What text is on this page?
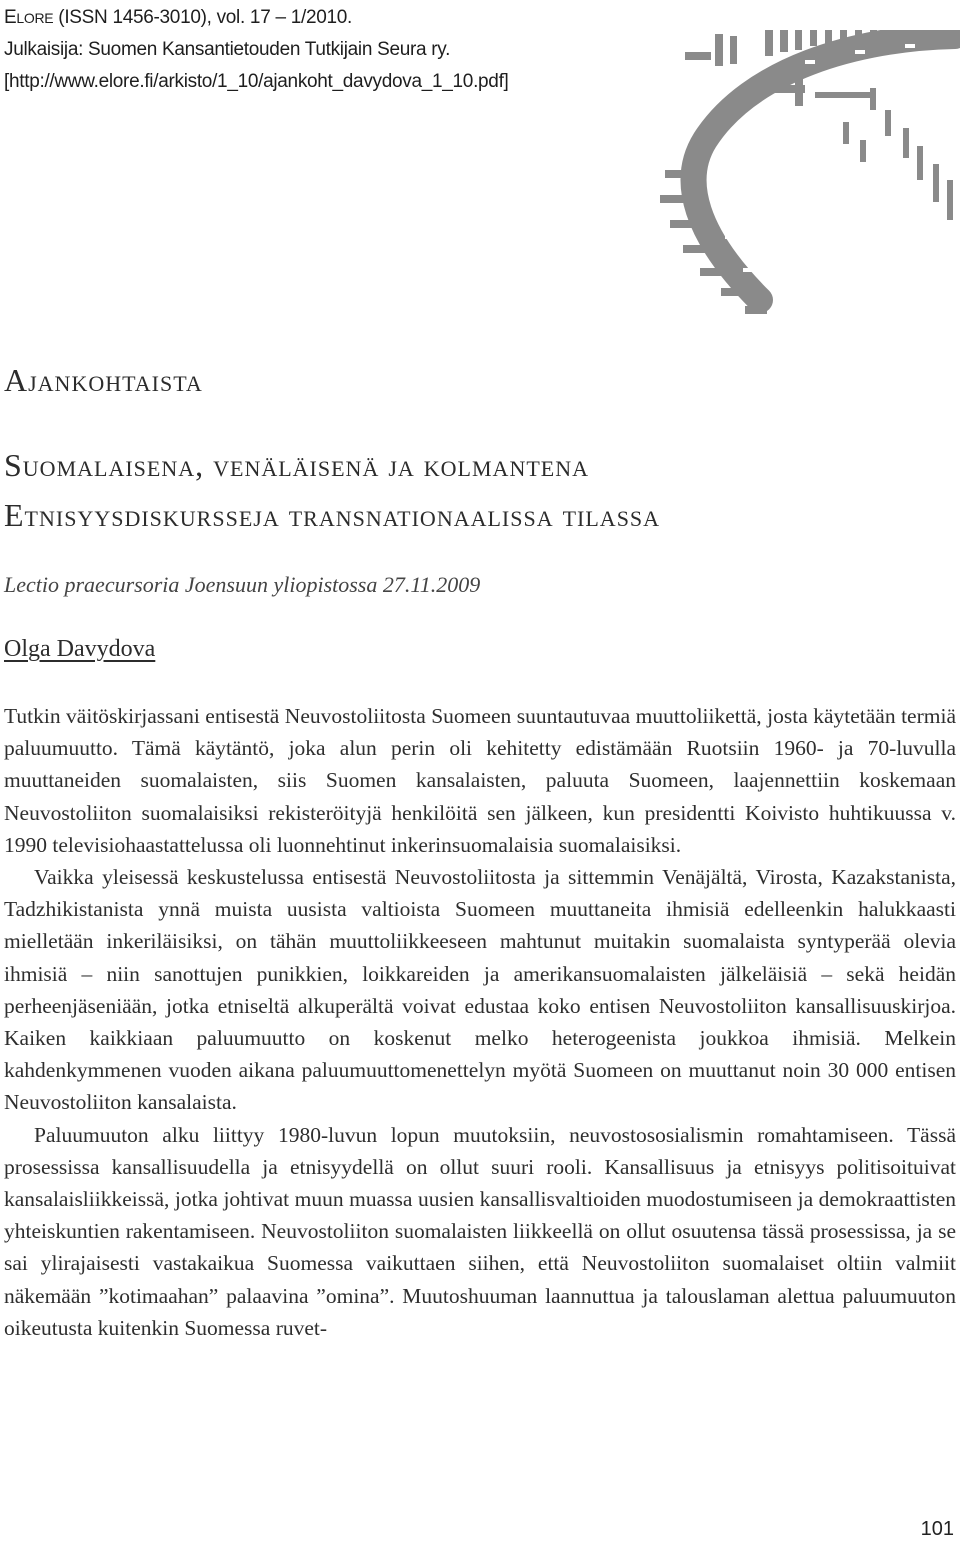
ELORE (ISSN 1456-3010), vol. 17 – 1/2010.
Julkaisija: Suomen Kansantietouden Tutkijain Seura ry.
[http://www.elore.fi/arkisto/1_10/ajankoht_davydova_1_10.pdf]
Ajankohtaista
Suomalaisena, venäläisenä ja kolmantena
Etnisyysdiskursseja transnationaalissa tilassa
Lectio praecursoria Joensuun yliopistossa 27.11.2009
Olga Davydova

Tutkin väitöskirjassani entisestä Neuvostoliitosta Suomeen suuntautuvaa muuttoliikettä, josta käytetään termiä paluumuutto. Tämä käytäntö, joka alun perin oli kehitetty edistämään Ruotsiin 1960- ja 70-luvulla muuttaneiden suomalaisten, siis Suomen kansalaisten, paluuta Suomeen, laajennettiin koskemaan Neuvostoliiton suomalaisiksi rekisteröityjä henkilöitä sen jälkeen, kun presidentti Koivisto huhtikuussa v. 1990 televisiohaastattelussa oli luonnehtinut inkerinsuomalaisia suomalaisiksi.

Vaikka yleisessä keskustelussa entisestä Neuvostoliitosta ja sittemmin Venäjältä, Virosta, Kazakstanista, Tadzhikistanista ynnä muista uusista valtioista Suomeen muuttaneita ihmisiä edelleenkin halukkaasti mielletään inkeriläisiksi, on tähän muuttoliikkeeseen mahtunut muitakin suomalaista syntyperää olevia ihmisiä – niin sanottujen punikkien, loikkareiden ja amerikansuomalaisten jälkeläisiä – sekä heidän perheenjäseniään, jotka etniseltä alkuperältä voivat edustaa koko entisen Neuvostoliiton kansallisuuskirjoa. Kaiken kaikkiaan paluumuutto on koskenut melko heterogeenista joukkoa ihmisiä. Melkein kahdenkymmenen vuoden aikana paluumuuttomenettelyn myötä Suomeen on muuttanut noin 30 000 entisen Neuvostoliiton kansalaista.

Paluumuuton alku liittyy 1980-luvun lopun muutoksiin, neuvostososialismin romahtamiseen. Tässä prosessissa kansallisuudella ja etnisyydellä on ollut suuri rooli. Kansallisuus ja etnisyys politisoituivat kansalaisliikkeissä, jotka johtivat muun muassa uusien kansallisvaltioiden muodostumiseen ja demokraattisten yhteiskuntien rakentamiseen. Neuvostoliiton suomalaisten liikkeellä on ollut osuutensa tässä prosessissa, ja se sai ylirajaisesti vastakaikua Suomessa vaikuttaen siihen, että Neuvostoliiton suomalaiset oltiin valmiit näkemään ”kotimaahan” palaavina ”omina”. Muutoshuuman laannuttua ja talouslaman alettua paluumuuton oikeutusta kuitenkin Suomessa ruvet-

101
